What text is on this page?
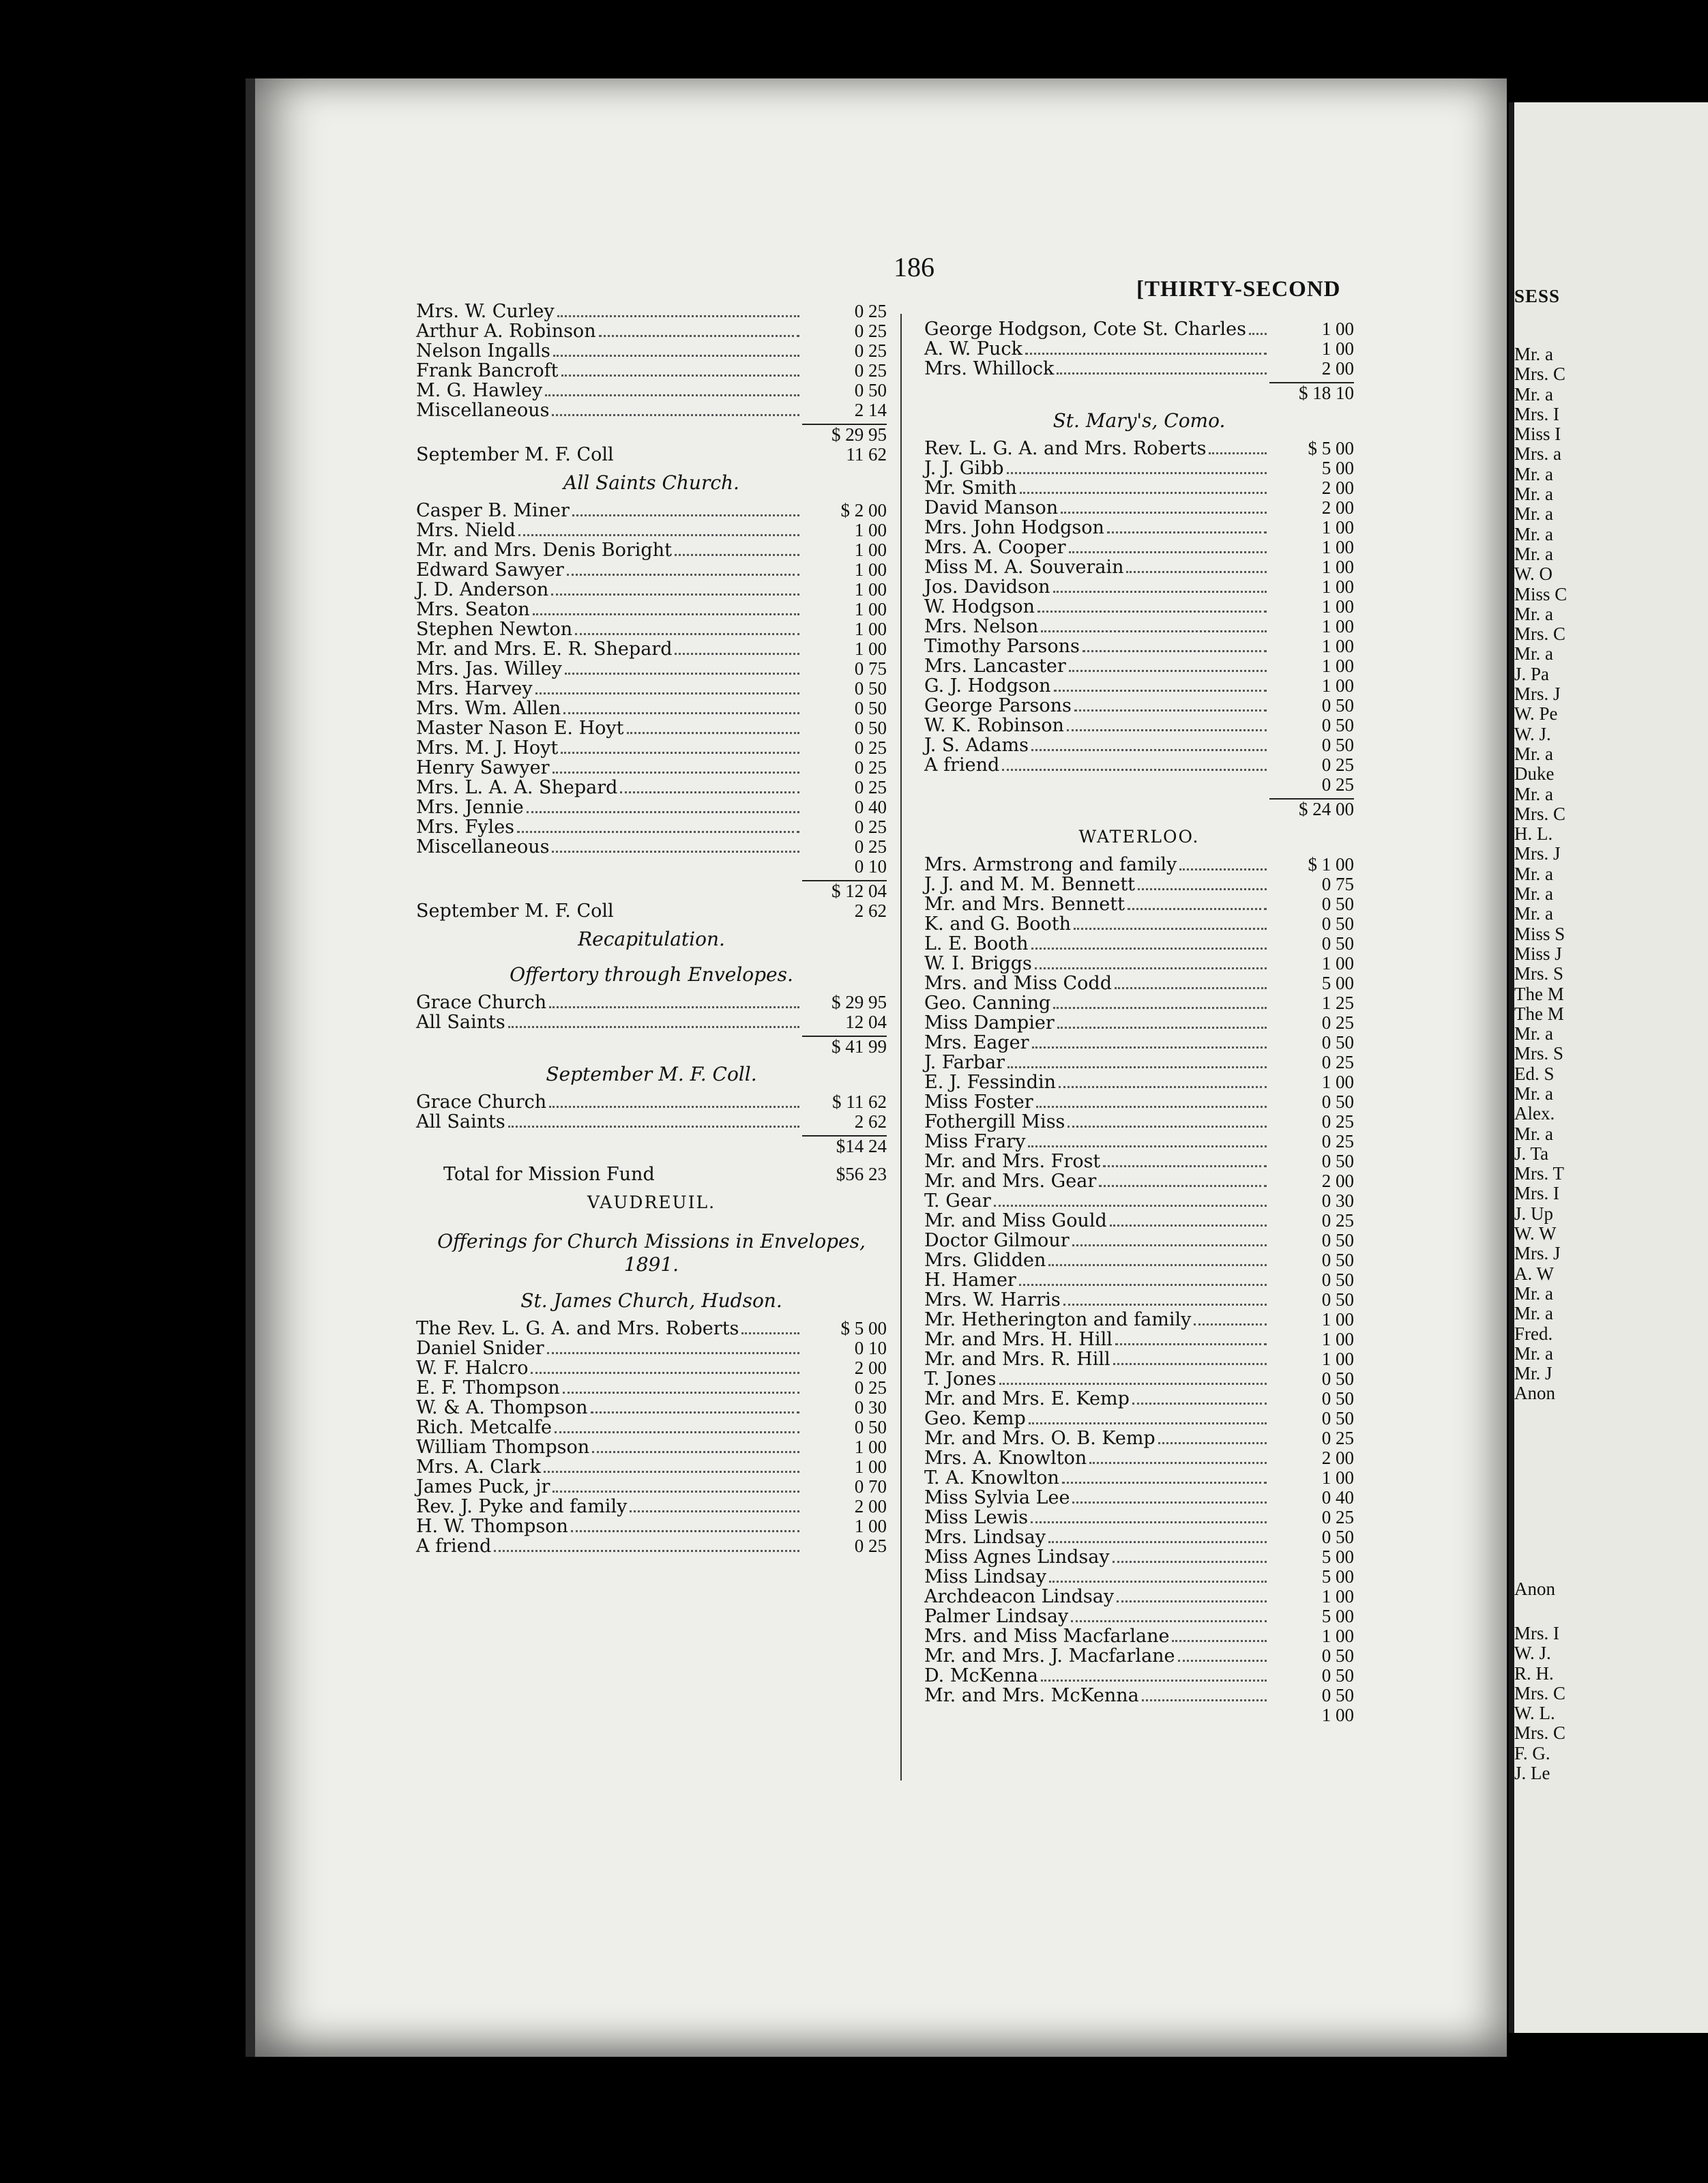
186
[THIRTY-SECOND
Mrs. W. Curley	0 25
Arthur A. Robinson	0 25
Nelson Ingalls	0 25
Frank Bancroft	0 25
M. G. Hawley	0 50
Miscellaneous	2 14
$ 29 95
September M. F. Coll	11 62
All Saints Church.
Casper B. Miner	$ 2 00
Mrs. Nield	1 00
Mr. and Mrs. Denis Boright	1 00
Edward Sawyer	1 00
J. D. Anderson	1 00
Mrs. Seaton	1 00
Stephen Newton	1 00
Mr. and Mrs. E. R. Shepard	1 00
Mrs. Jas. Willey	0 75
Mrs. Harvey	0 50
Mrs. Wm. Allen	0 50
Master Nason E. Hoyt	0 50
Mrs. M. J. Hoyt	0 25
Henry Sawyer	0 25
Mrs. L. A. A. Shepard	0 25
Mrs. Jennie	0 40
Mrs. Fyles	0 25
Miscellaneous	0 25
0 10
$ 12 04
September M. F. Coll	2 62
Recapitulation.
Offertory through Envelopes.
Grace Church	$ 29 95
All Saints	12 04
$ 41 99
September M. F. Coll.
Grace Church	$ 11 62
All Saints	2 62
$14 24
Total for Mission Fund	$56 23
VAUDREUIL.
Offerings for Church Missions in Envelopes, 1891.
St. James Church, Hudson.
The Rev. L. G. A. and Mrs. Roberts	$ 5 00
Daniel Snider	0 10
W. F. Halcro	2 00
E. F. Thompson	0 25
W. & A. Thompson	0 30
Rich. Metcalfe	0 50
William Thompson	1 00
Mrs. A. Clark	1 00
James Puck, jr	0 70
Rev. J. Pyke and family	2 00
H. W. Thompson	1 00
A friend	0 25
George Hodgson, Cote St. Charles	1 00
A. W. Puck	1 00
Mrs. Whillock	2 00
$ 18 10
St. Mary's, Como.
Rev. L. G. A. and Mrs. Roberts	$ 5 00
J. J. Gibb	5 00
Mr. Smith	2 00
David Manson	2 00
Mrs. John Hodgson	1 00
Mrs. A. Cooper	1 00
Miss M. A. Souverain	1 00
Jos. Davidson	1 00
W. Hodgson	1 00
Mrs. Nelson	1 00
Timothy Parsons	1 00
Mrs. Lancaster	1 00
G. J. Hodgson	1 00
George Parsons	0 50
W. K. Robinson	0 50
J. S. Adams	0 50
A friend	0 25
0 25
$ 24 00
WATERLOO.
Mrs. Armstrong and family	$ 1 00
J. J. and M. M. Bennett	0 75
Mr. and Mrs. Bennett	0 50
K. and G. Booth	0 50
L. E. Booth	0 50
W. I. Briggs	1 00
Mrs. and Miss Codd	5 00
Geo. Canning	1 25
Miss Dampier	0 25
Mrs. Eager	0 50
J. Farbar	0 25
E. J. Fessindin	1 00
Miss Foster	0 50
Fothergill Miss	0 25
Miss Frary	0 25
Mr. and Mrs. Frost	0 50
Mr. and Mrs. Gear	2 00
T. Gear	0 30
Mr. and Miss Gould	0 25
Doctor Gilmour	0 50
Mrs. Glidden	0 50
H. Hamer	0 50
Mrs. W. Harris	0 50
Mr. Hetherington and family	1 00
Mr. and Mrs. H. Hill	1 00
Mr. and Mrs. R. Hill	1 00
T. Jones	0 50
Mr. and Mrs. E. Kemp	0 50
Geo. Kemp	0 50
Mr. and Mrs. O. B. Kemp	0 25
Mrs. A. Knowlton	2 00
T. A. Knowlton	1 00
Miss Sylvia Lee	0 40
Miss Lewis	0 25
Mrs. Lindsay	0 50
Miss Agnes Lindsay	5 00
Miss Lindsay	5 00
Archdeacon Lindsay	1 00
Palmer Lindsay	5 00
Mrs. and Miss Macfarlane	1 00
Mr. and Mrs. J. Macfarlane	0 50
D. McKenna	0 50
Mr. and Mrs. McKenna	0 50
1 00
SESS
Mr. a
Mrs. C
Mr. a
Mrs. I
Miss I
Mrs. a
Mr. a
Mr. a
Mr. a
Mr. a
Mr. a
W. O
Miss C
Mr. a
Mrs. C
Mr. a
J. Pa
Mrs. J
W. Pe
W. J.
Mr. a
Duke
Mr. a
Mrs. C
H. L.
Mrs. J
Mr. a
Mr. a
Mr. a
Miss S
Miss J
Mrs. S
The M
The M
Mr. a
Mrs. S
Ed. S
Mr. a
Alex.
Mr. a
J. Ta
Mrs. T
Mrs. I
J. Up
W. W
Mrs. J
A. W
Mr. a
Mr. a
Fred.
Mr. a
Mr. J
Anon
Anon
Mrs. I
W. J.
R. H.
Mrs. C
W. L.
Mrs. C
F. G.
J. Le
